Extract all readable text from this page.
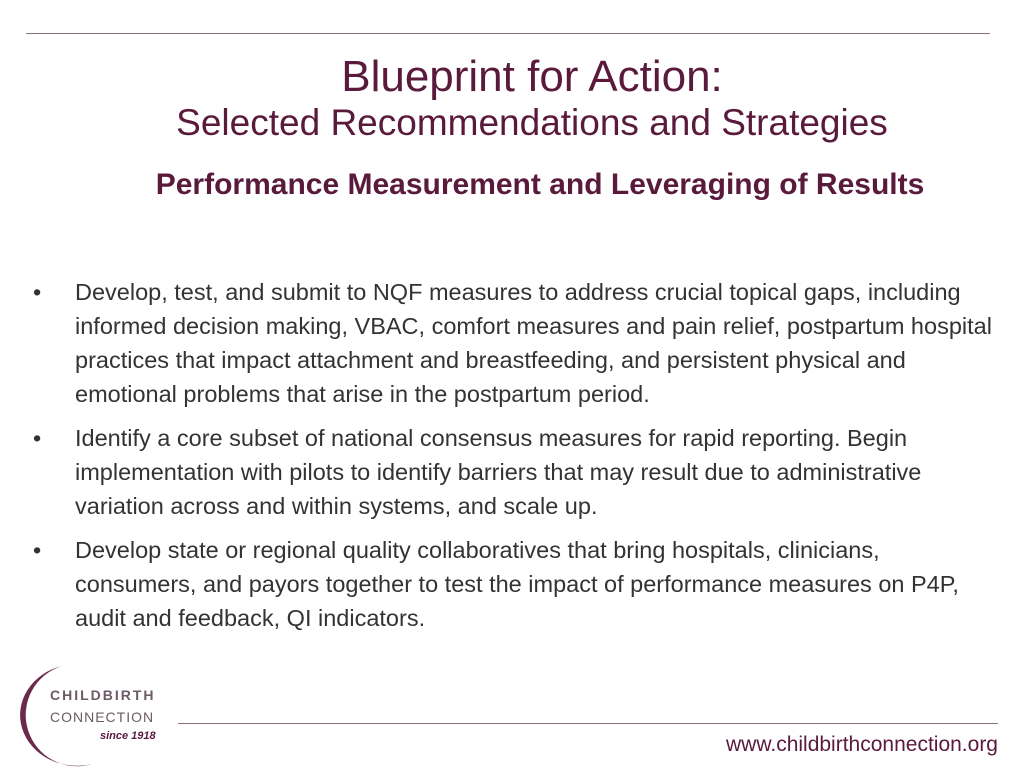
Blueprint for Action:
Selected Recommendations and Strategies
Performance Measurement and Leveraging of Results
• Develop, test, and submit to NQF measures to address crucial topical gaps, including informed decision making, VBAC, comfort measures and pain relief, postpartum hospital practices that impact attachment and breastfeeding, and persistent physical and emotional problems that arise in the postpartum period.
• Identify a core subset of national consensus measures for rapid reporting. Begin implementation with pilots to identify barriers that may result due to administrative variation across and within systems, and scale up.
• Develop state or regional quality collaboratives that bring hospitals, clinicians, consumers, and payors together to test the impact of performance measures on P4P, audit and feedback, QI indicators.
CHILDBIRTH
CONNECTION
since 1918	www.childbirthconnection.org
